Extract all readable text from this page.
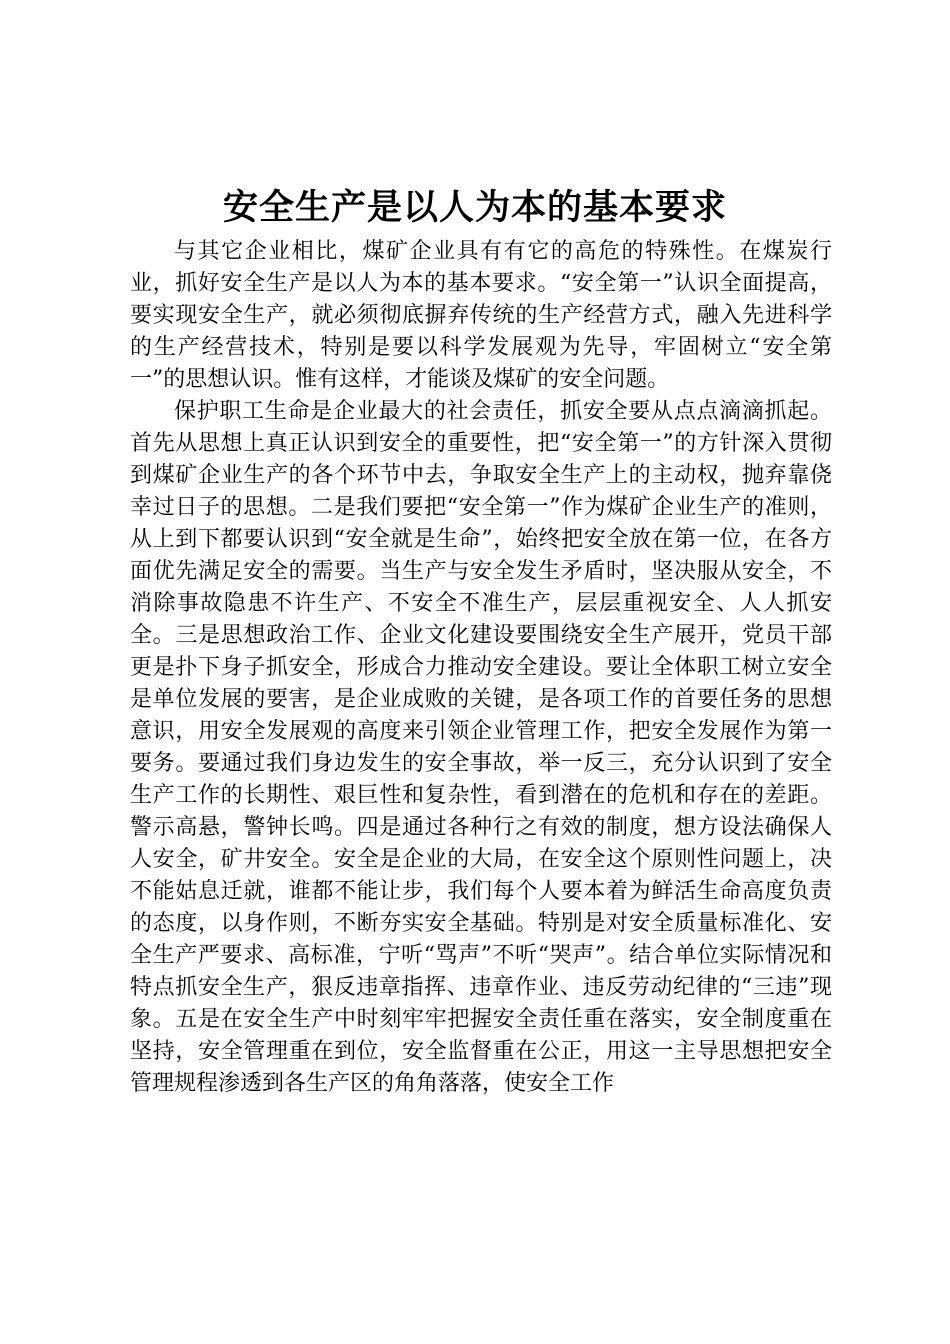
安全生产是以人为本的基本要求

与其它企业相比，煤矿企业具有有它的高危的特殊性。在煤炭行业，抓好安全生产是以人为本的基本要求。“安全第一”认识全面提高，要实现安全生产，就必须彻底摒弃传统的生产经营方式，融入先进科学的生产经营技术，特别是要以科学发展观为先导，牢固树立“安全第一”的思想认识。惟有这样，才能谈及煤矿的安全问题。

保护职工生命是企业最大的社会责任，抓安全要从点点滴滴抓起。首先从思想上真正认识到安全的重要性，把“安全第一”的方针深入贯彻到煤矿企业生产的各个环节中去，争取安全生产上的主动权，抛弃靠侥幸过日子的思想。二是我们要把“安全第一”作为煤矿企业生产的准则，从上到下都要认识到“安全就是生命”，始终把安全放在第一位，在各方面优先满足安全的需要。当生产与安全发生矛盾时，坚决服从安全，不消除事故隐患不许生产、不安全不准生产，层层重视安全、人人抓安全。三是思想政治工作、企业文化建设要围绕安全生产展开，党员干部更是扑下身子抓安全，形成合力推动安全建设。要让全体职工树立安全是单位发展的要害，是企业成败的关键，是各项工作的首要任务的思想意识，用安全发展观的高度来引领企业管理工作，把安全发展作为第一要务。要通过我们身边发生的安全事故，举一反三，充分认识到了安全生产工作的长期性、艰巨性和复杂性，看到潜在的危机和存在的差距。警示高悬，警钟长鸣。四是通过各种行之有效的制度，想方设法确保人人安全，矿井安全。安全是企业的大局，在安全这个原则性问题上，决不能姑息迁就，谁都不能让步，我们每个人要本着为鲜活生命高度负责的态度，以身作则，不断夯实安全基础。特别是对安全质量标准化、安全生产严要求、高标准，宁听“骂声”不听“哭声”。结合单位实际情况和特点抓安全生产，狠反违章指挥、违章作业、违反劳动纪律的“三违”现象。五是在安全生产中时刻牢牢把握安全责任重在落实，安全制度重在坚持，安全管理重在到位，安全监督重在公正，用这一主导思想把安全管理规程渗透到各生产区的角角落落，使安全工作
